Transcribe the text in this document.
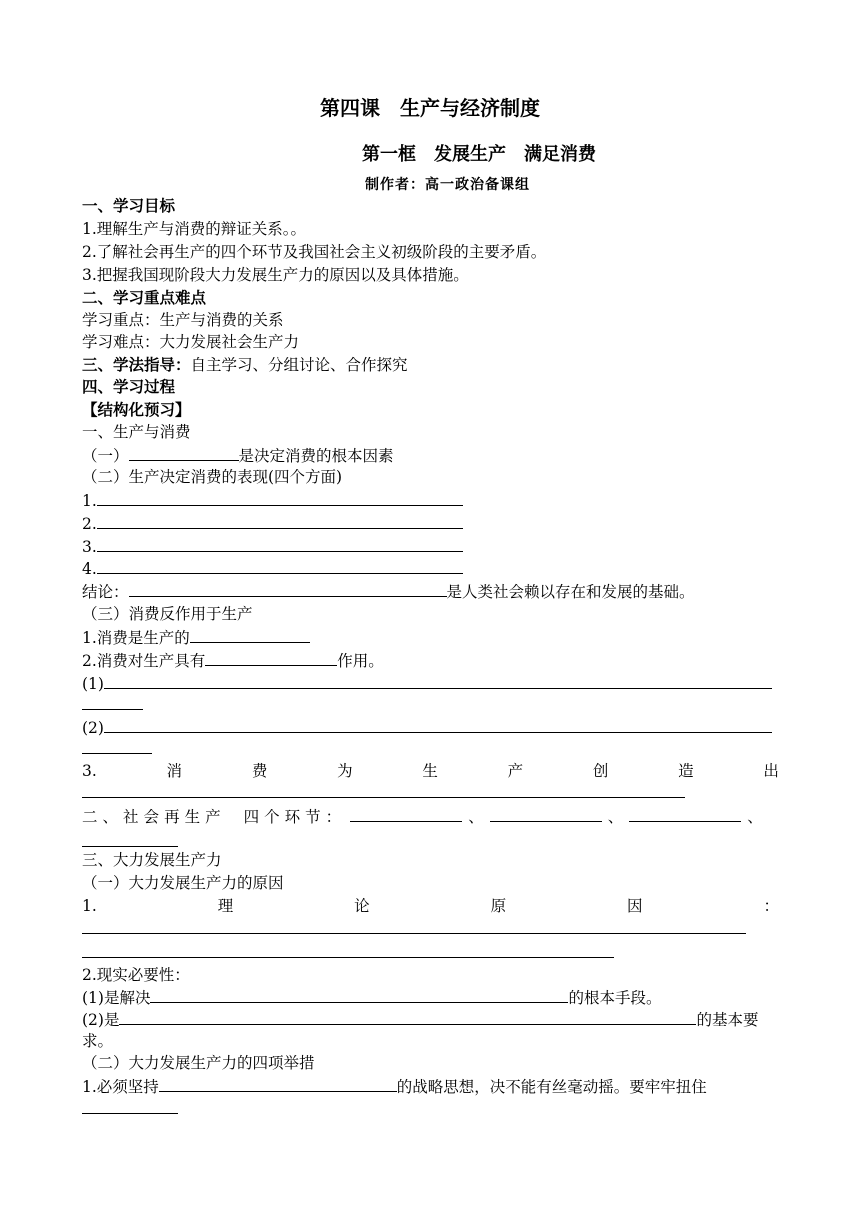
第四课　生产与经济制度
第一框　发展生产　满足消费
制作者：高一政治备课组
一、学习目标
1.理解生产与消费的辩证关系。。
2.了解社会再生产的四个环节及我国社会主义初级阶段的主要矛盾。
3.把握我国现阶段大力发展生产力的原因以及具体措施。
二、学习重点难点
学习重点：生产与消费的关系
学习难点：大力发展社会生产力
三、学法指导：自主学习、分组讨论、合作探究
四、学习过程
【结构化预习】
一、生产与消费
（一）	是决定消费的根本因素
（二）生产决定消费的表现(四个方面)
1.
2.
3.
4.
结论：	是人类社会赖以存在和发展的基础。
（三）消费反作用于生产
1.消费是生产的
2.消费对生产具有	作用。
(1)
(2)
3.	消	费	为	生	产	创	造	出
二、社会再生产 四个环节：	、	、	、
三、大力发展生产力
（一）大力发展生产力的原因
1.	理	论	原	因	：
2.现实必要性：
(1)是解决	的根本手段。
(2)是	的基本要
求。
（二）大力发展生产力的四项举措
1.必须坚持	的战略思想，决不能有丝毫动摇。要牢牢扭住
